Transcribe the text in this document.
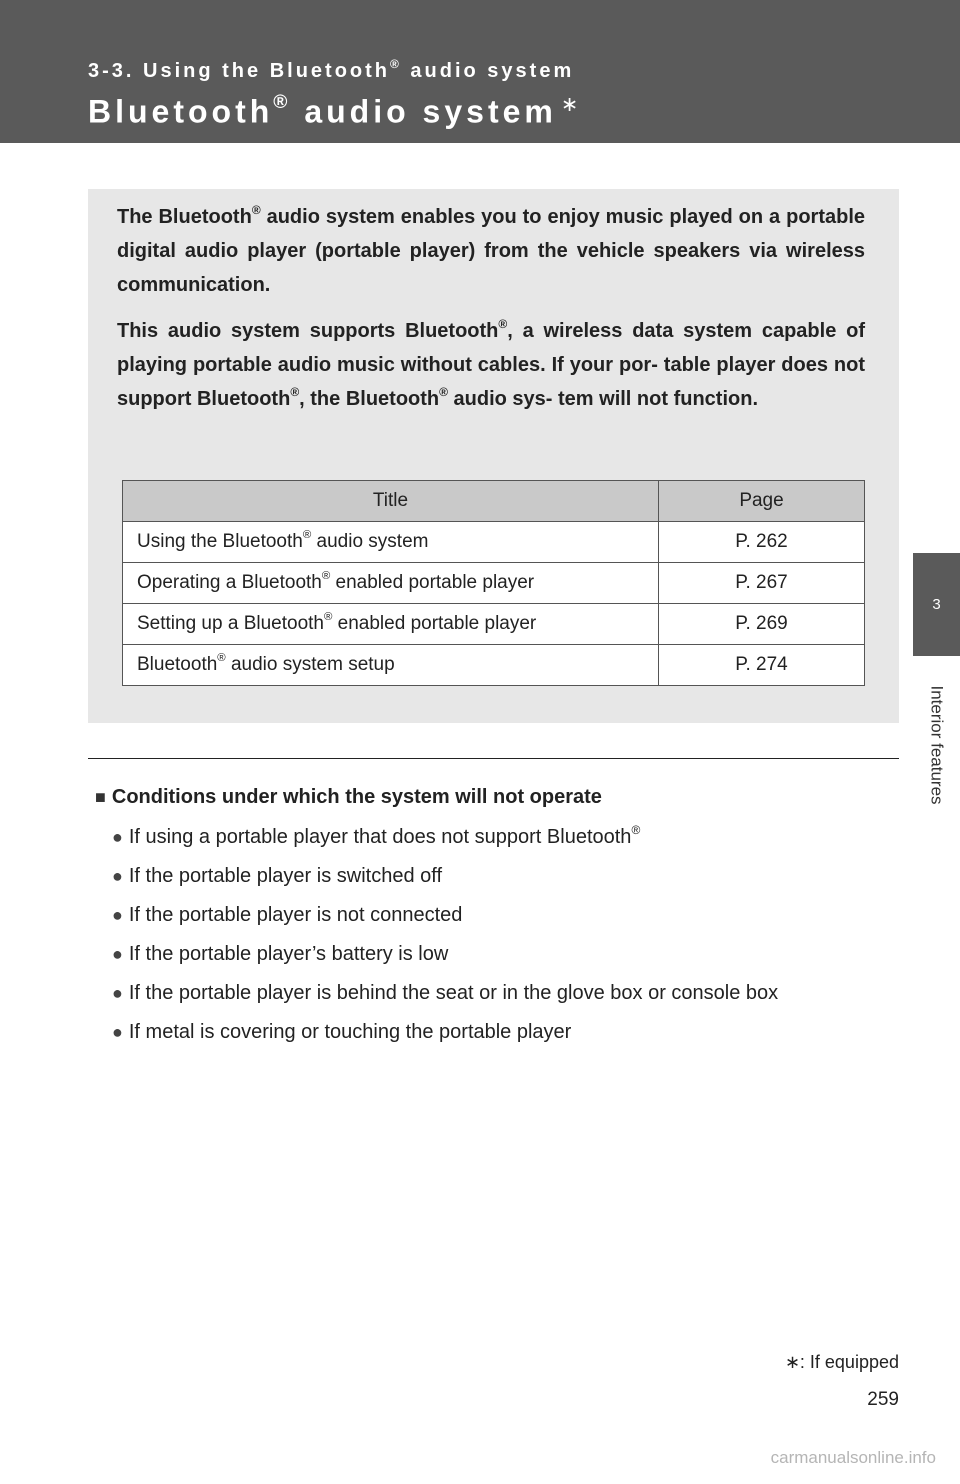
3-3. Using the Bluetooth® audio system
Bluetooth® audio system ∗
3
Interior features

The Bluetooth® audio system enables you to enjoy music played on a portable digital audio player (portable player) from the vehicle speakers via wireless communication.

This audio system supports Bluetooth®, a wireless data system capable of playing portable audio music without cables. If your por- table player does not support Bluetooth®, the Bluetooth® audio sys- tem will not function.

Title	Page
Using the Bluetooth® audio system	P. 262
Operating a Bluetooth® enabled portable player	P. 267
Setting up a Bluetooth® enabled portable player	P. 269
Bluetooth® audio system setup	P. 274
■ Conditions under which the system will not operate
● If using a portable player that does not support Bluetooth®
● If the portable player is switched off
● If the portable player is not connected
● If the portable player’s battery is low
● If the portable player is behind the seat or in the glove box or console box
● If metal is covering or touching the portable player
∗: If equipped
259
carmanualsonline.info
